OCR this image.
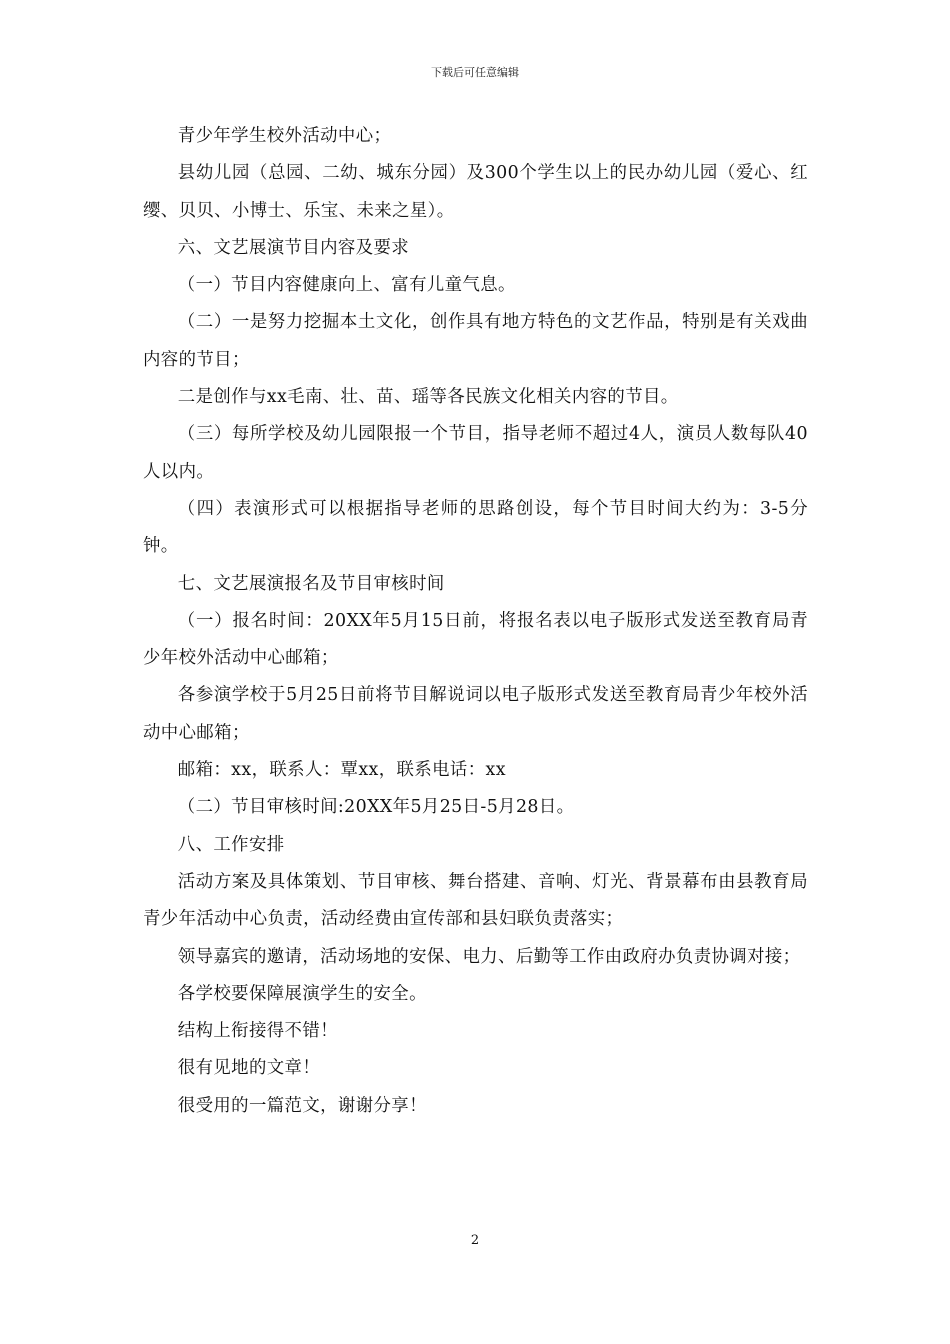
下载后可任意编辑

青少年学生校外活动中心；

县幼儿园（总园、二幼、城东分园）及300个学生以上的民办幼儿园（爱心、红缨、贝贝、小博士、乐宝、未来之星）。

六、文艺展演节目内容及要求

（一）节目内容健康向上、富有儿童气息。

（二）一是努力挖掘本土文化，创作具有地方特色的文艺作品，特别是有关戏曲内容的节目；

二是创作与xx毛南、壮、苗、瑶等各民族文化相关内容的节目。

（三）每所学校及幼儿园限报一个节目，指导老师不超过4人，演员人数每队40人以内。

（四）表演形式可以根据指导老师的思路创设，每个节目时间大约为：3-5分钟。

七、文艺展演报名及节目审核时间

（一）报名时间：20XX年5月15日前，将报名表以电子版形式发送至教育局青少年校外活动中心邮箱；

各参演学校于5月25日前将节目解说词以电子版形式发送至教育局青少年校外活动中心邮箱；

邮箱：xx，联系人：覃xx，联系电话：xx

（二）节目审核时间:20XX年5月25日-5月28日。

八、工作安排

活动方案及具体策划、节目审核、舞台搭建、音响、灯光、背景幕布由县教育局青少年活动中心负责，活动经费由宣传部和县妇联负责落实；

领导嘉宾的邀请，活动场地的安保、电力、后勤等工作由政府办负责协调对接；

各学校要保障展演学生的安全。

结构上衔接得不错！

很有见地的文章！

很受用的一篇范文，谢谢分享！

2
